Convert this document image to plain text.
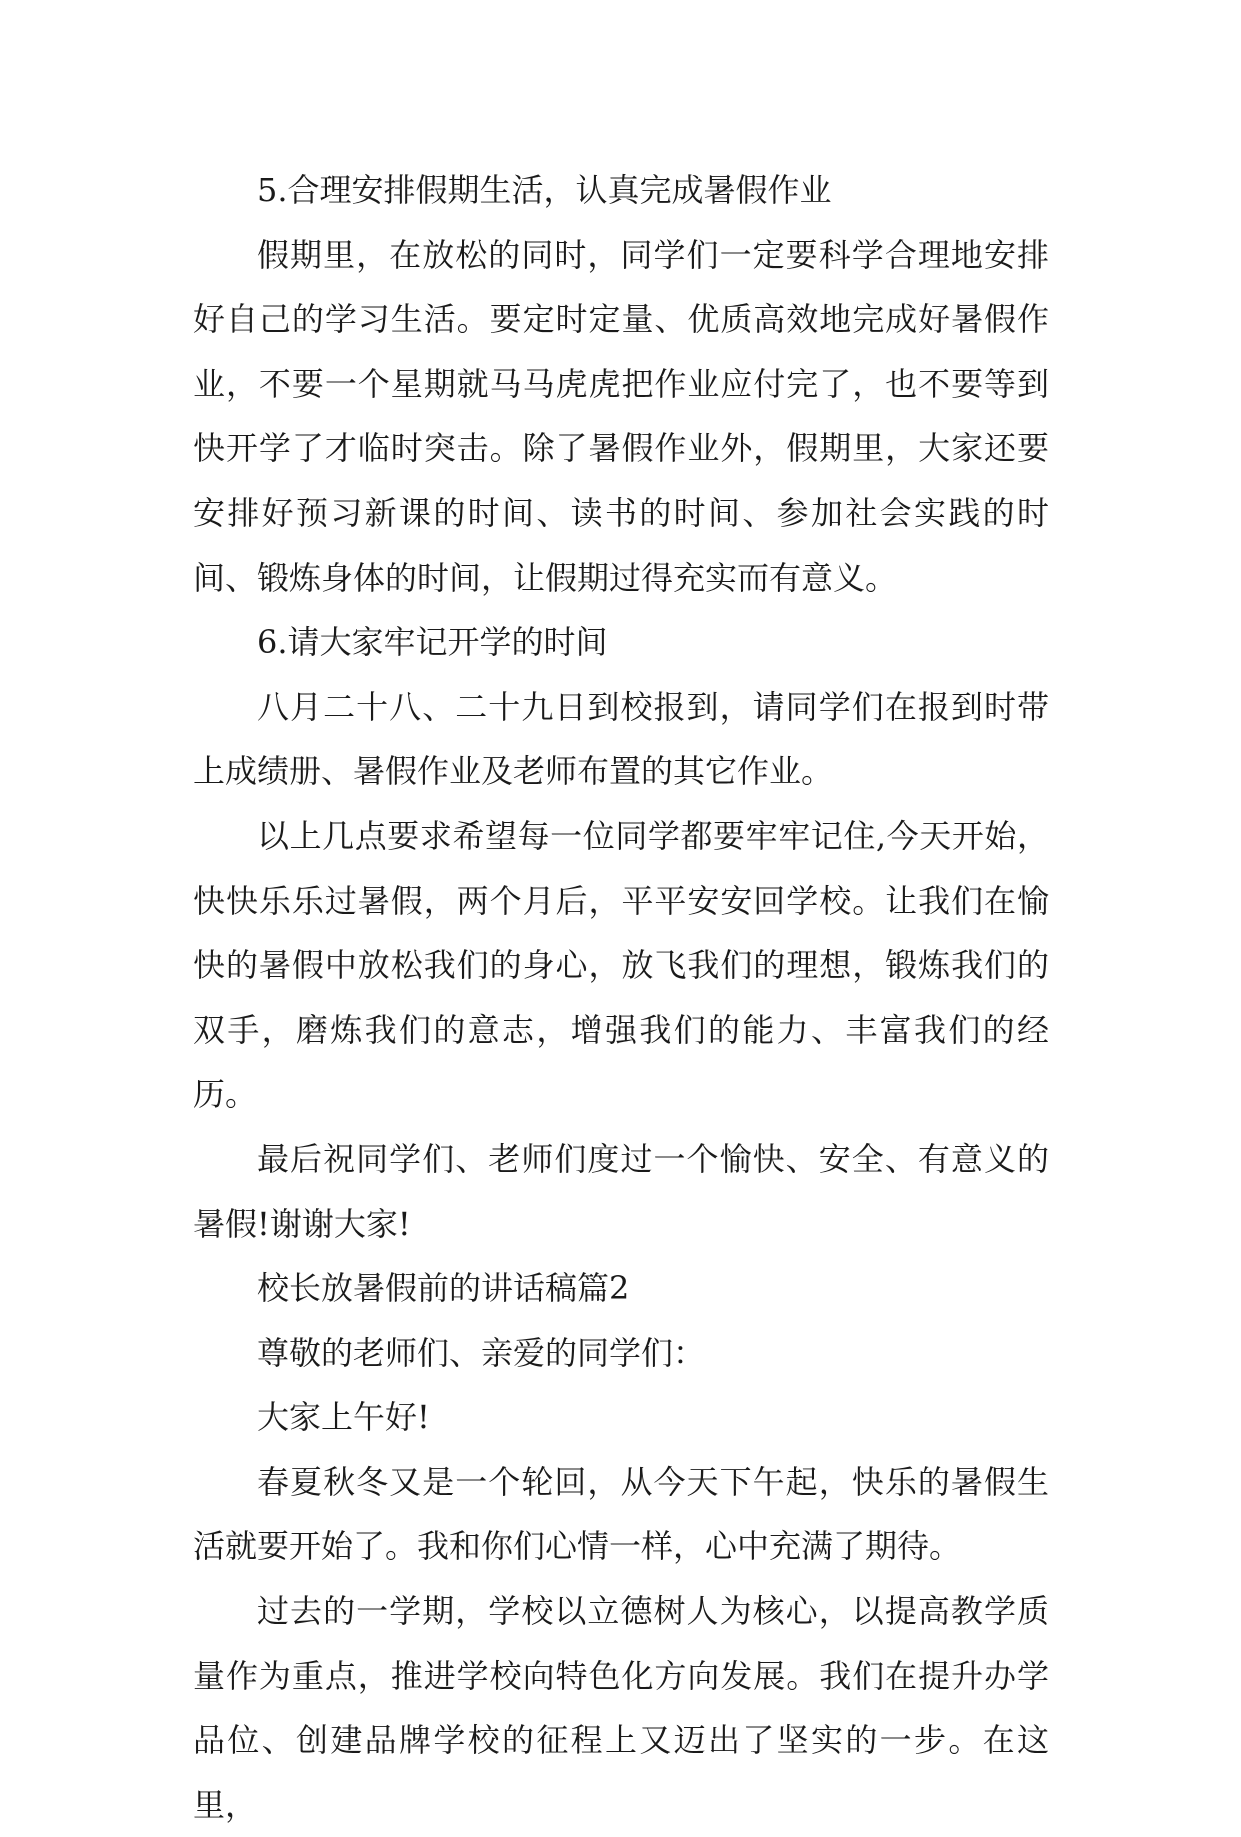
5.合理安排假期生活，认真完成暑假作业

假期里，在放松的同时，同学们一定要科学合理地安排好自己的学习生活。要定时定量、优质高效地完成好暑假作业，不要一个星期就马马虎虎把作业应付完了，也不要等到快开学了才临时突击。除了暑假作业外，假期里，大家还要安排好预习新课的时间、读书的时间、参加社会实践的时间、锻炼身体的时间，让假期过得充实而有意义。

6.请大家牢记开学的时间

八月二十八、二十九日到校报到，请同学们在报到时带上成绩册、暑假作业及老师布置的其它作业。

以上几点要求希望每一位同学都要牢牢记住,今天开始，快快乐乐过暑假，两个月后，平平安安回学校。让我们在愉快的暑假中放松我们的身心，放飞我们的理想，锻炼我们的双手，磨炼我们的意志，增强我们的能力、丰富我们的经历。

最后祝同学们、老师们度过一个愉快、安全、有意义的暑假!谢谢大家!

校长放暑假前的讲话稿篇2

尊敬的老师们、亲爱的同学们：

大家上午好!

春夏秋冬又是一个轮回，从今天下午起，快乐的暑假生活就要开始了。我和你们心情一样，心中充满了期待。

过去的一学期，学校以立德树人为核心，以提高教学质量作为重点，推进学校向特色化方向发展。我们在提升办学品位、创建品牌学校的征程上又迈出了坚实的一步。在这里，
